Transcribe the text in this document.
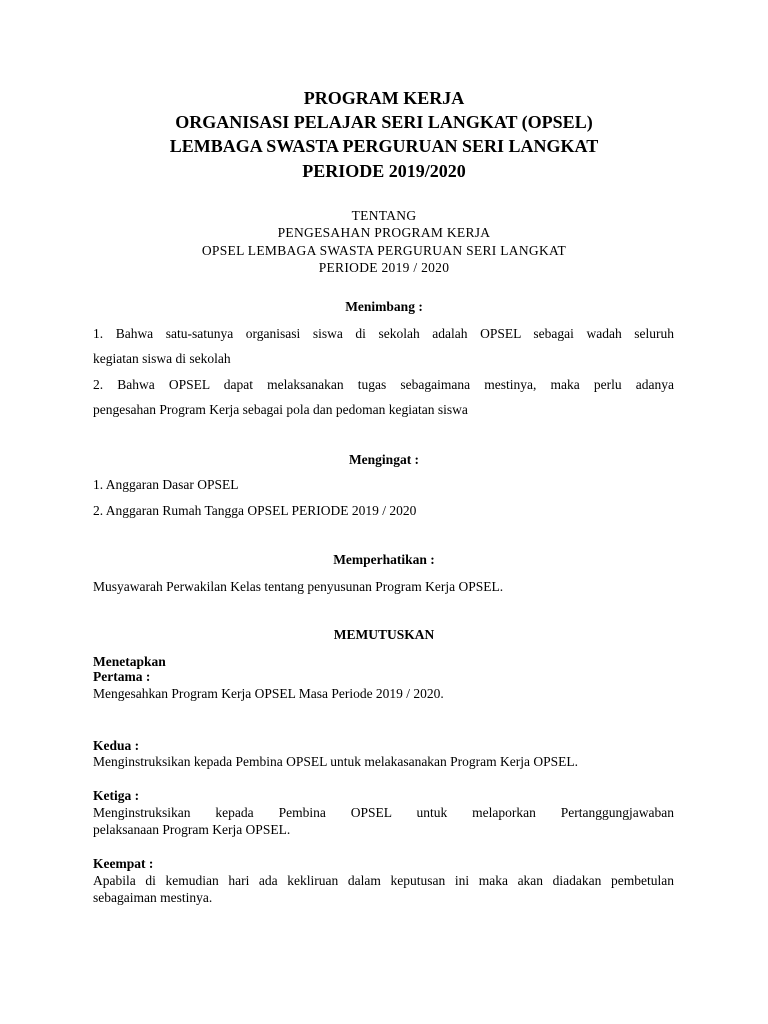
PROGRAM KERJA
ORGANISASI PELAJAR SERI LANGKAT (OPSEL)
LEMBAGA SWASTA PERGURUAN SERI LANGKAT
PERIODE 2019/2020
TENTANG
PENGESAHAN PROGRAM KERJA
OPSEL LEMBAGA SWASTA PERGURUAN SERI LANGKAT
PERIODE 2019 / 2020
Menimbang :
1. Bahwa satu-satunya organisasi siswa di sekolah adalah OPSEL sebagai wadah seluruh
kegiatan siswa di sekolah
2. Bahwa OPSEL dapat melaksanakan tugas sebagaimana mestinya, maka perlu adanya
pengesahan Program Kerja sebagai pola dan pedoman kegiatan siswa
Mengingat :
1. Anggaran Dasar OPSEL
2. Anggaran Rumah Tangga OPSEL PERIODE 2019 / 2020
Memperhatikan :
Musyawarah Perwakilan Kelas tentang penyusunan Program Kerja OPSEL.
MEMUTUSKAN
Menetapkan
Pertama :
Mengesahkan Program Kerja OPSEL Masa Periode 2019 / 2020.
Kedua :
Menginstruksikan kepada Pembina OPSEL untuk melakasanakan Program Kerja OPSEL.
Ketiga :
Menginstruksikan kepada Pembina OPSEL untuk melaporkan Pertanggungjawaban
pelaksanaan Program Kerja OPSEL.
Keempat :
Apabila di kemudian hari ada kekliruan dalam keputusan ini maka akan diadakan pembetulan
sebagaiman mestinya.
